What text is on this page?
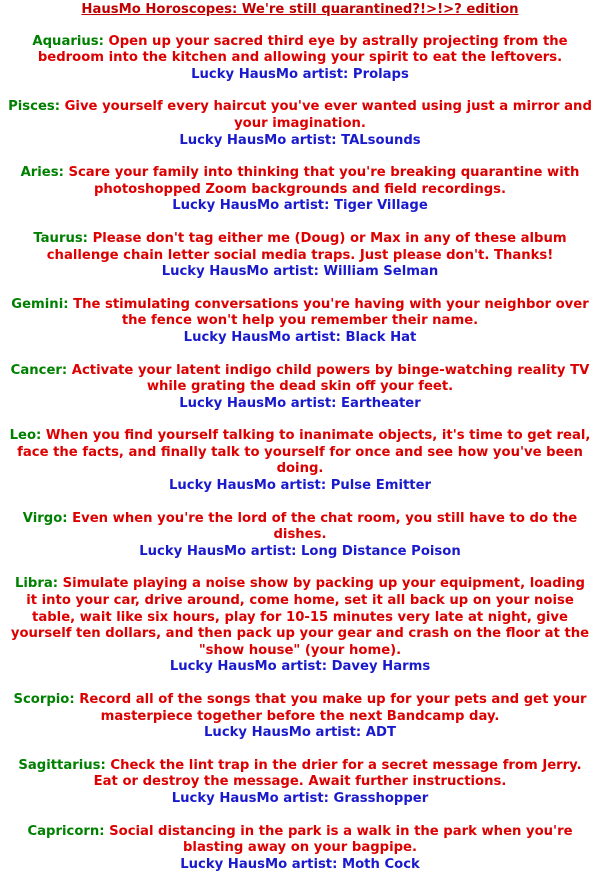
HausMo Horoscopes: We're still quarantined?!>!>? edition
Aquarius: Open up your sacred third eye by astrally projecting from the bedroom into the kitchen and allowing your spirit to eat the leftovers.
Lucky HausMo artist: Prolaps
Pisces: Give yourself every haircut you've ever wanted using just a mirror and your imagination.
Lucky HausMo artist: TALsounds
Aries: Scare your family into thinking that you're breaking quarantine with photoshopped Zoom backgrounds and field recordings.
Lucky HausMo artist: Tiger Village
Taurus: Please don't tag either me (Doug) or Max in any of these album challenge chain letter social media traps. Just please don't. Thanks!
Lucky HausMo artist: William Selman
Gemini: The stimulating conversations you're having with your neighbor over the fence won't help you remember their name.
Lucky HausMo artist: Black Hat
Cancer: Activate your latent indigo child powers by binge-watching reality TV while grating the dead skin off your feet.
Lucky HausMo artist: Eartheater
Leo: When you find yourself talking to inanimate objects, it's time to get real, face the facts, and finally talk to yourself for once and see how you've been doing.
Lucky HausMo artist: Pulse Emitter
Virgo: Even when you're the lord of the chat room, you still have to do the dishes.
Lucky HausMo artist: Long Distance Poison
Libra: Simulate playing a noise show by packing up your equipment, loading it into your car, drive around, come home, set it all back up on your noise table, wait like six hours, play for 10-15 minutes very late at night, give yourself ten dollars, and then pack up your gear and crash on the floor at the "show house" (your home).
Lucky HausMo artist: Davey Harms
Scorpio: Record all of the songs that you make up for your pets and get your masterpiece together before the next Bandcamp day.
Lucky HausMo artist: ADT
Sagittarius: Check the lint trap in the drier for a secret message from Jerry. Eat or destroy the message. Await further instructions.
Lucky HausMo artist: Grasshopper
Capricorn: Social distancing in the park is a walk in the park when you're blasting away on your bagpipe.
Lucky HausMo artist: Moth Cock
